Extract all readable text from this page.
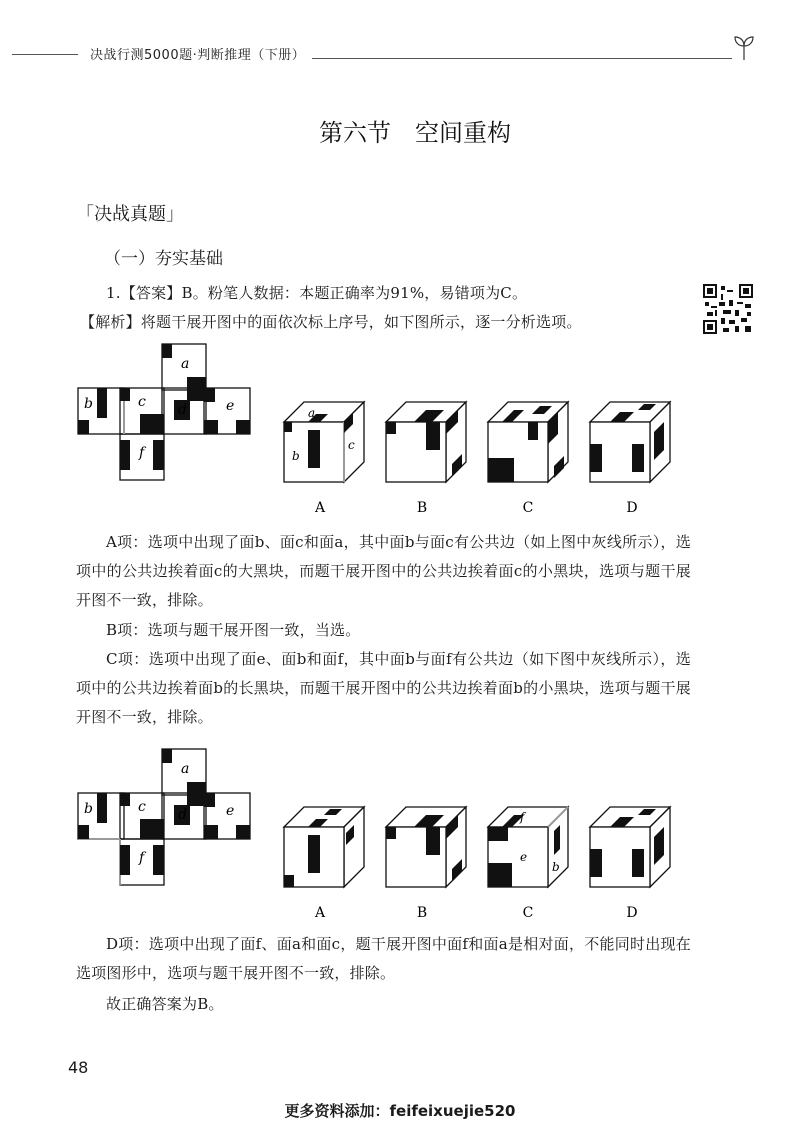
决战行测5000题·判断推理（下册）
第六节　空间重构
「决战真题」
（一）夯实基础
1.【答案】B。粉笔人数据：本题正确率为91%，易错项为C。
【解析】将题干展开图中的面依次标上序号，如下图所示，逐一分析选项。
a
b	c d	e
f
a
b
c
A	B	C	D
A项：选项中出现了面b、面c和面a，其中面b与面c有公共边（如上图中灰线所示），选项中的公共边挨着面c的大黑块，而题干展开图中的公共边挨着面c的小黑块，选项与题干展开图不一致，排除。
B项：选项与题干展开图一致，当选。
C项：选项中出现了面e、面b和面f，其中面b与面f有公共边（如下图中灰线所示），选项中的公共边挨着面b的长黑块，而题干展开图中的公共边挨着面b的小黑块，选项与题干展开图不一致，排除。
a
b	c d	e
f
f
e
b
A	B	C	D
D项：选项中出现了面f、面a和面c，题干展开图中面f和面a是相对面，不能同时出现在选项图形中，选项与题干展开图不一致，排除。
故正确答案为B。
48
更多资料添加：feifeixuejie520
